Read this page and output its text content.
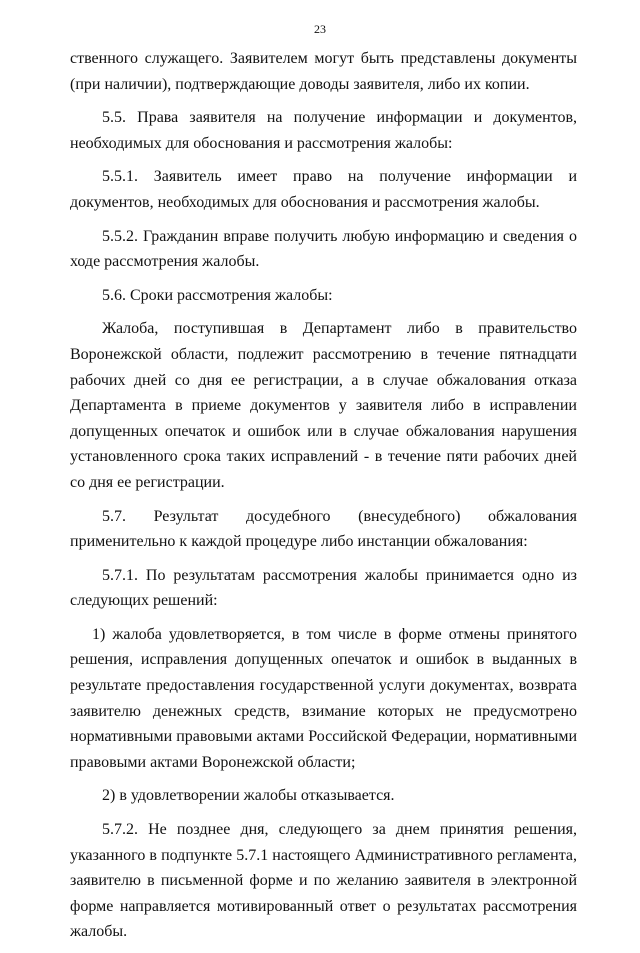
23

ственного служащего. Заявителем могут быть представлены документы (при наличии), подтверждающие доводы заявителя, либо их копии.

5.5. Права заявителя на получение информации и документов, необходимых для обоснования и рассмотрения жалобы:

5.5.1. Заявитель имеет право на получение информации и документов, необходимых для обоснования и рассмотрения жалобы.

5.5.2. Гражданин вправе получить любую информацию и сведения о ходе рассмотрения жалобы.

5.6. Сроки рассмотрения жалобы:

Жалоба, поступившая в Департамент либо в правительство Воронежской области, подлежит рассмотрению в течение пятнадцати рабочих дней со дня ее регистрации, а в случае обжалования отказа Департамента в приеме документов у заявителя либо в исправлении допущенных опечаток и ошибок или в случае обжалования нарушения установленного срока таких исправлений - в течение пяти рабочих дней со дня ее регистрации.

5.7. Результат досудебного (внесудебного) обжалования применительно к каждой процедуре либо инстанции обжалования:

5.7.1. По результатам рассмотрения жалобы принимается одно из следующих решений:

1) жалоба удовлетворяется, в том числе в форме отмены принятого решения, исправления допущенных опечаток и ошибок в выданных в результате предоставления государственной услуги документах, возврата заявителю денежных средств, взимание которых не предусмотрено нормативными правовыми актами Российской Федерации, нормативными правовыми актами Воронежской области;

2) в удовлетворении жалобы отказывается.

5.7.2. Не позднее дня, следующего за днем принятия решения, указанного в подпункте 5.7.1 настоящего Административного регламента, заявителю в письменной форме и по желанию заявителя в электронной форме направляется мотивированный ответ о результатах рассмотрения жалобы.
